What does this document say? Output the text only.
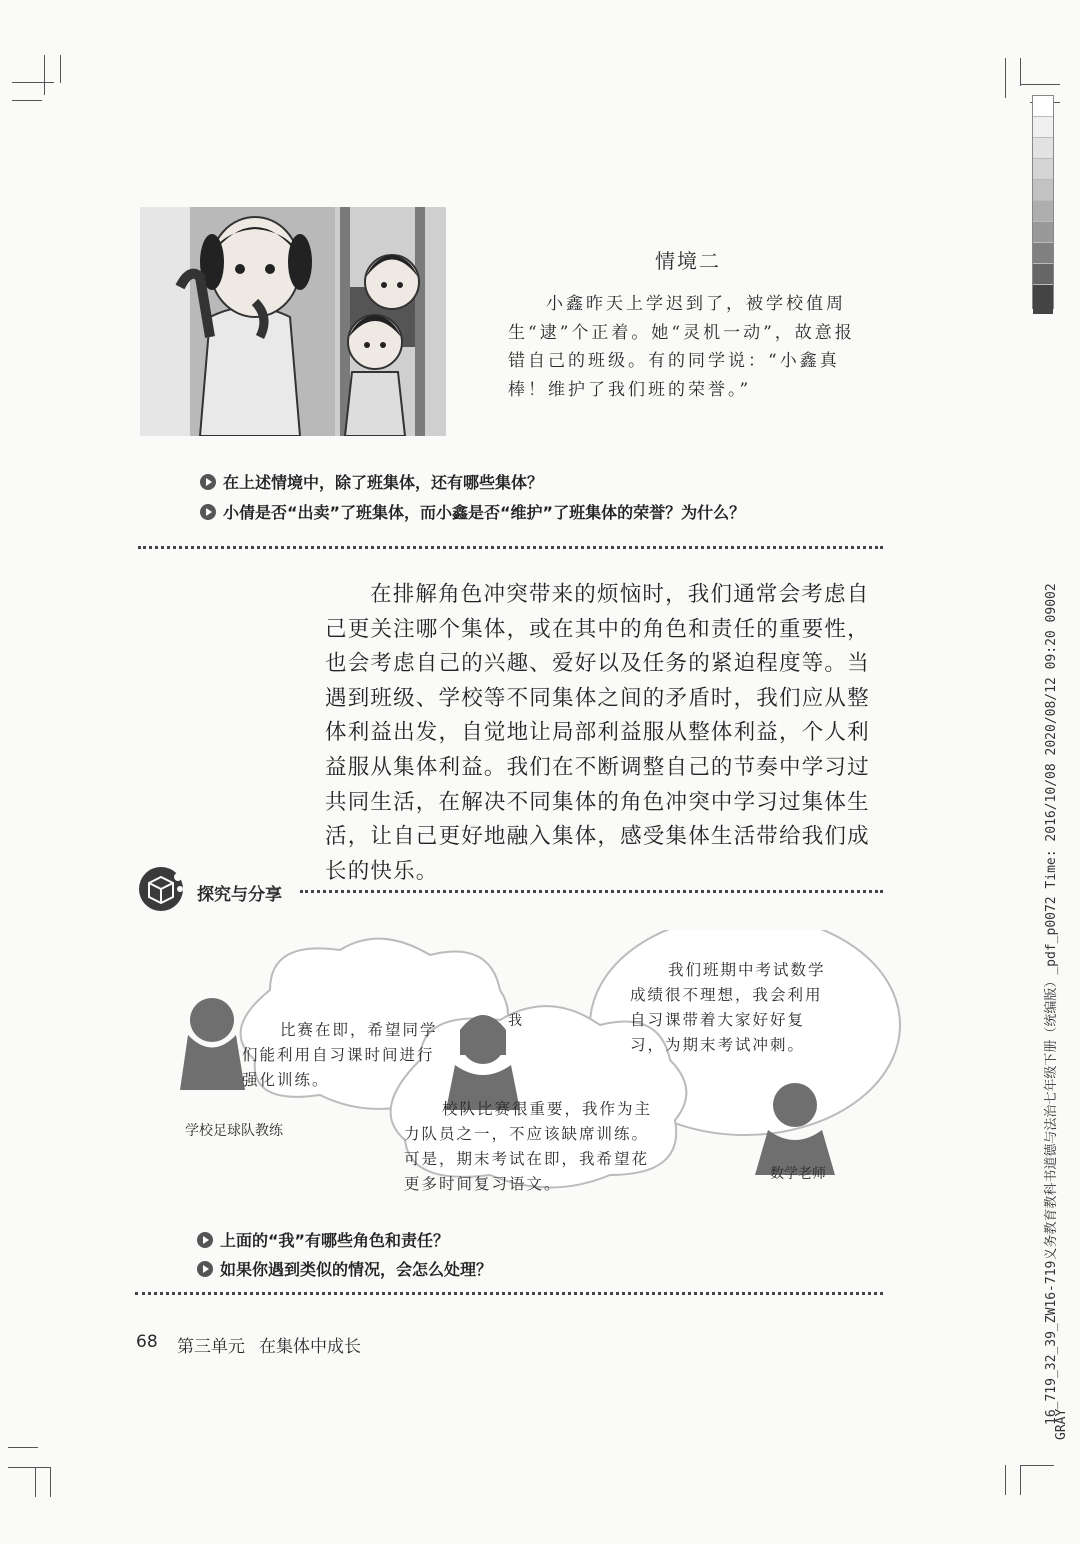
情境二
小鑫昨天上学迟到了，被学校值周生“逮”个正着。她“灵机一动”，故意报错自己的班级。有的同学说：“小鑫真棒！维护了我们班的荣誉。”
在上述情境中，除了班集体，还有哪些集体？
小倩是否“出卖”了班集体，而小鑫是否“维护”了班集体的荣誉？为什么？
在排解角色冲突带来的烦恼时，我们通常会考虑自己更关注哪个集体，或在其中的角色和责任的重要性，也会考虑自己的兴趣、爱好以及任务的紧迫程度等。当遇到班级、学校等不同集体之间的矛盾时，我们应从整体利益出发，自觉地让局部利益服从整体利益，个人利益服从集体利益。我们在不断调整自己的节奏中学习过共同生活，在解决不同集体的角色冲突中学习过集体生活，让自己更好地融入集体，感受集体生活带给我们成长的快乐。
探究与分享
比赛在即，希望同学们能利用自习课时间进行强化训练。
学校足球队教练
我
校队比赛很重要，我作为主力队员之一，不应该缺席训练。可是，期末考试在即，我希望花更多时间复习语文。
我们班期中考试数学成绩很不理想，我会利用自习课带着大家好好复习，为期末考试冲刺。
数学老师
上面的“我”有哪些角色和责任？
如果你遇到类似的情况，会怎么处理？
68 第三单元 在集体中成长	16_719_32_39_ZW16-719义务教育教科书道德与法治七年级下册（统编版）_pdf_p0072 Time: 2016/10/08 2020/08/12 09:20 09002
GRAY
